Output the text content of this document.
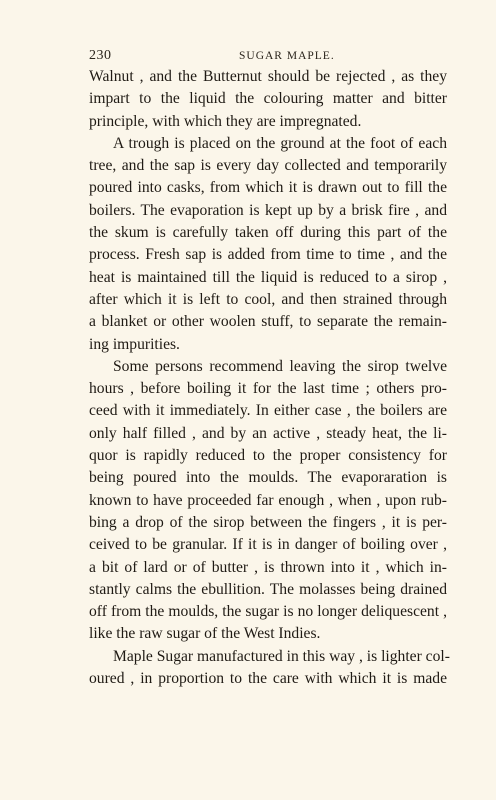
230	SUGAR MAPLE.
Walnut , and the Butternut should be rejected , as they
impart to the liquid the colouring matter and bitter
principle, with which they are impregnated.
A trough is placed on the ground at the foot of each
tree, and the sap is every day collected and temporarily
poured into casks, from which it is drawn out to fill the
boilers. The evaporation is kept up by a brisk fire , and
the skum is carefully taken off during this part of the
process. Fresh sap is added from time to time , and the
heat is maintained till the liquid is reduced to a sirop ,
after which it is left to cool, and then strained through
a blanket or other woolen stuff, to separate the remain-
ing impurities.
Some persons recommend leaving the sirop twelve
hours , before boiling it for the last time ; others pro-
ceed with it immediately. In either case , the boilers are
only half filled , and by an active , steady heat, the li-
quor is rapidly reduced to the proper consistency for
being poured into the moulds. The evaporaration is
known to have proceeded far enough , when , upon rub-
bing a drop of the sirop between the fingers , it is per-
ceived to be granular. If it is in danger of boiling over ,
a bit of lard or of butter , is thrown into it , which in-
stantly calms the ebullition. The molasses being drained
off from the moulds, the sugar is no longer deliquescent ,
like the raw sugar of the West Indies.
Maple Sugar manufactured in this way , is lighter col-
oured , in proportion to the care with which it is made
